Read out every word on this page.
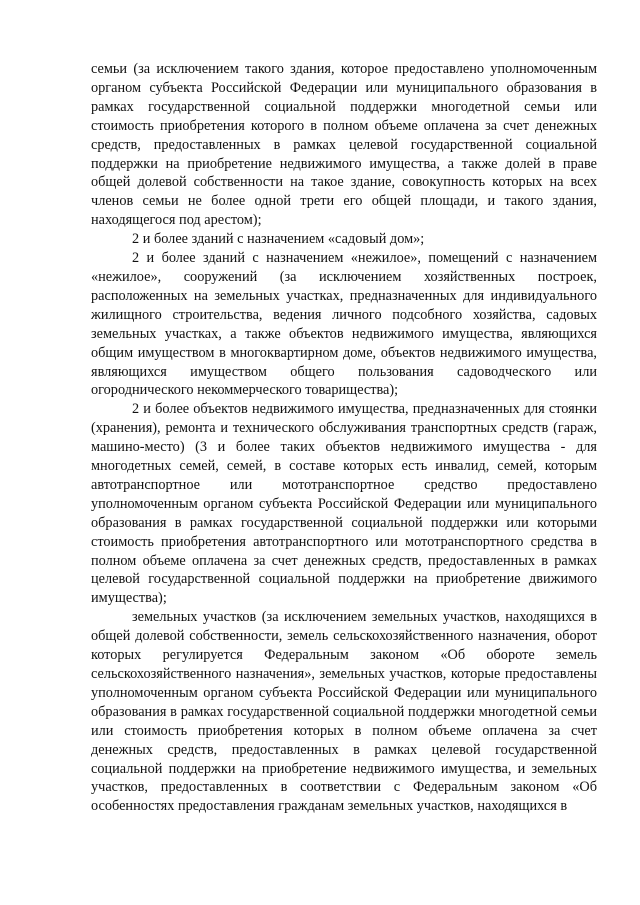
семьи (за исключением такого здания, которое предоставлено уполномоченным органом субъекта Российской Федерации или муниципального образования в рамках государственной социальной поддержки многодетной семьи или стоимость приобретения которого в полном объеме оплачена за счет денежных средств, предоставленных в рамках целевой государственной социальной поддержки на приобретение недвижимого имущества, а также долей в праве общей долевой собственности на такое здание, совокупность которых на всех членов семьи не более одной трети его общей площади, и такого здания, находящегося под арестом);

2 и более зданий с назначением «садовый дом»;

2 и более зданий с назначением «нежилое», помещений с назначением «нежилое», сооружений (за исключением хозяйственных построек, расположенных на земельных участках, предназначенных для индивидуального жилищного строительства, ведения личного подсобного хозяйства, садовых земельных участках, а также объектов недвижимого имущества, являющихся общим имуществом в многоквартирном доме, объектов недвижимого имущества, являющихся имуществом общего пользования садоводческого или огороднического некоммерческого товарищества);

2 и более объектов недвижимого имущества, предназначенных для стоянки (хранения), ремонта и технического обслуживания транспортных средств (гараж, машино-место) (3 и более таких объектов недвижимого имущества - для многодетных семей, семей, в составе которых есть инвалид, семей, которым автотранспортное или мототранспортное средство предоставлено уполномоченным органом субъекта Российской Федерации или муниципального образования в рамках государственной социальной поддержки или которыми стоимость приобретения автотранспортного или мототранспортного средства в полном объеме оплачена за счет денежных средств, предоставленных в рамках целевой государственной социальной поддержки на приобретение движимого имущества);

земельных участков (за исключением земельных участков, находящихся в общей долевой собственности, земель сельскохозяйственного назначения, оборот которых регулируется Федеральным законом «Об обороте земель сельскохозяйственного назначения», земельных участков, которые предоставлены уполномоченным органом субъекта Российской Федерации или муниципального образования в рамках государственной социальной поддержки многодетной семьи или стоимость приобретения которых в полном объеме оплачена за счет денежных средств, предоставленных в рамках целевой государственной социальной поддержки на приобретение недвижимого имущества, и земельных участков, предоставленных в соответствии с Федеральным законом «Об особенностях предоставления гражданам земельных участков, находящихся в
